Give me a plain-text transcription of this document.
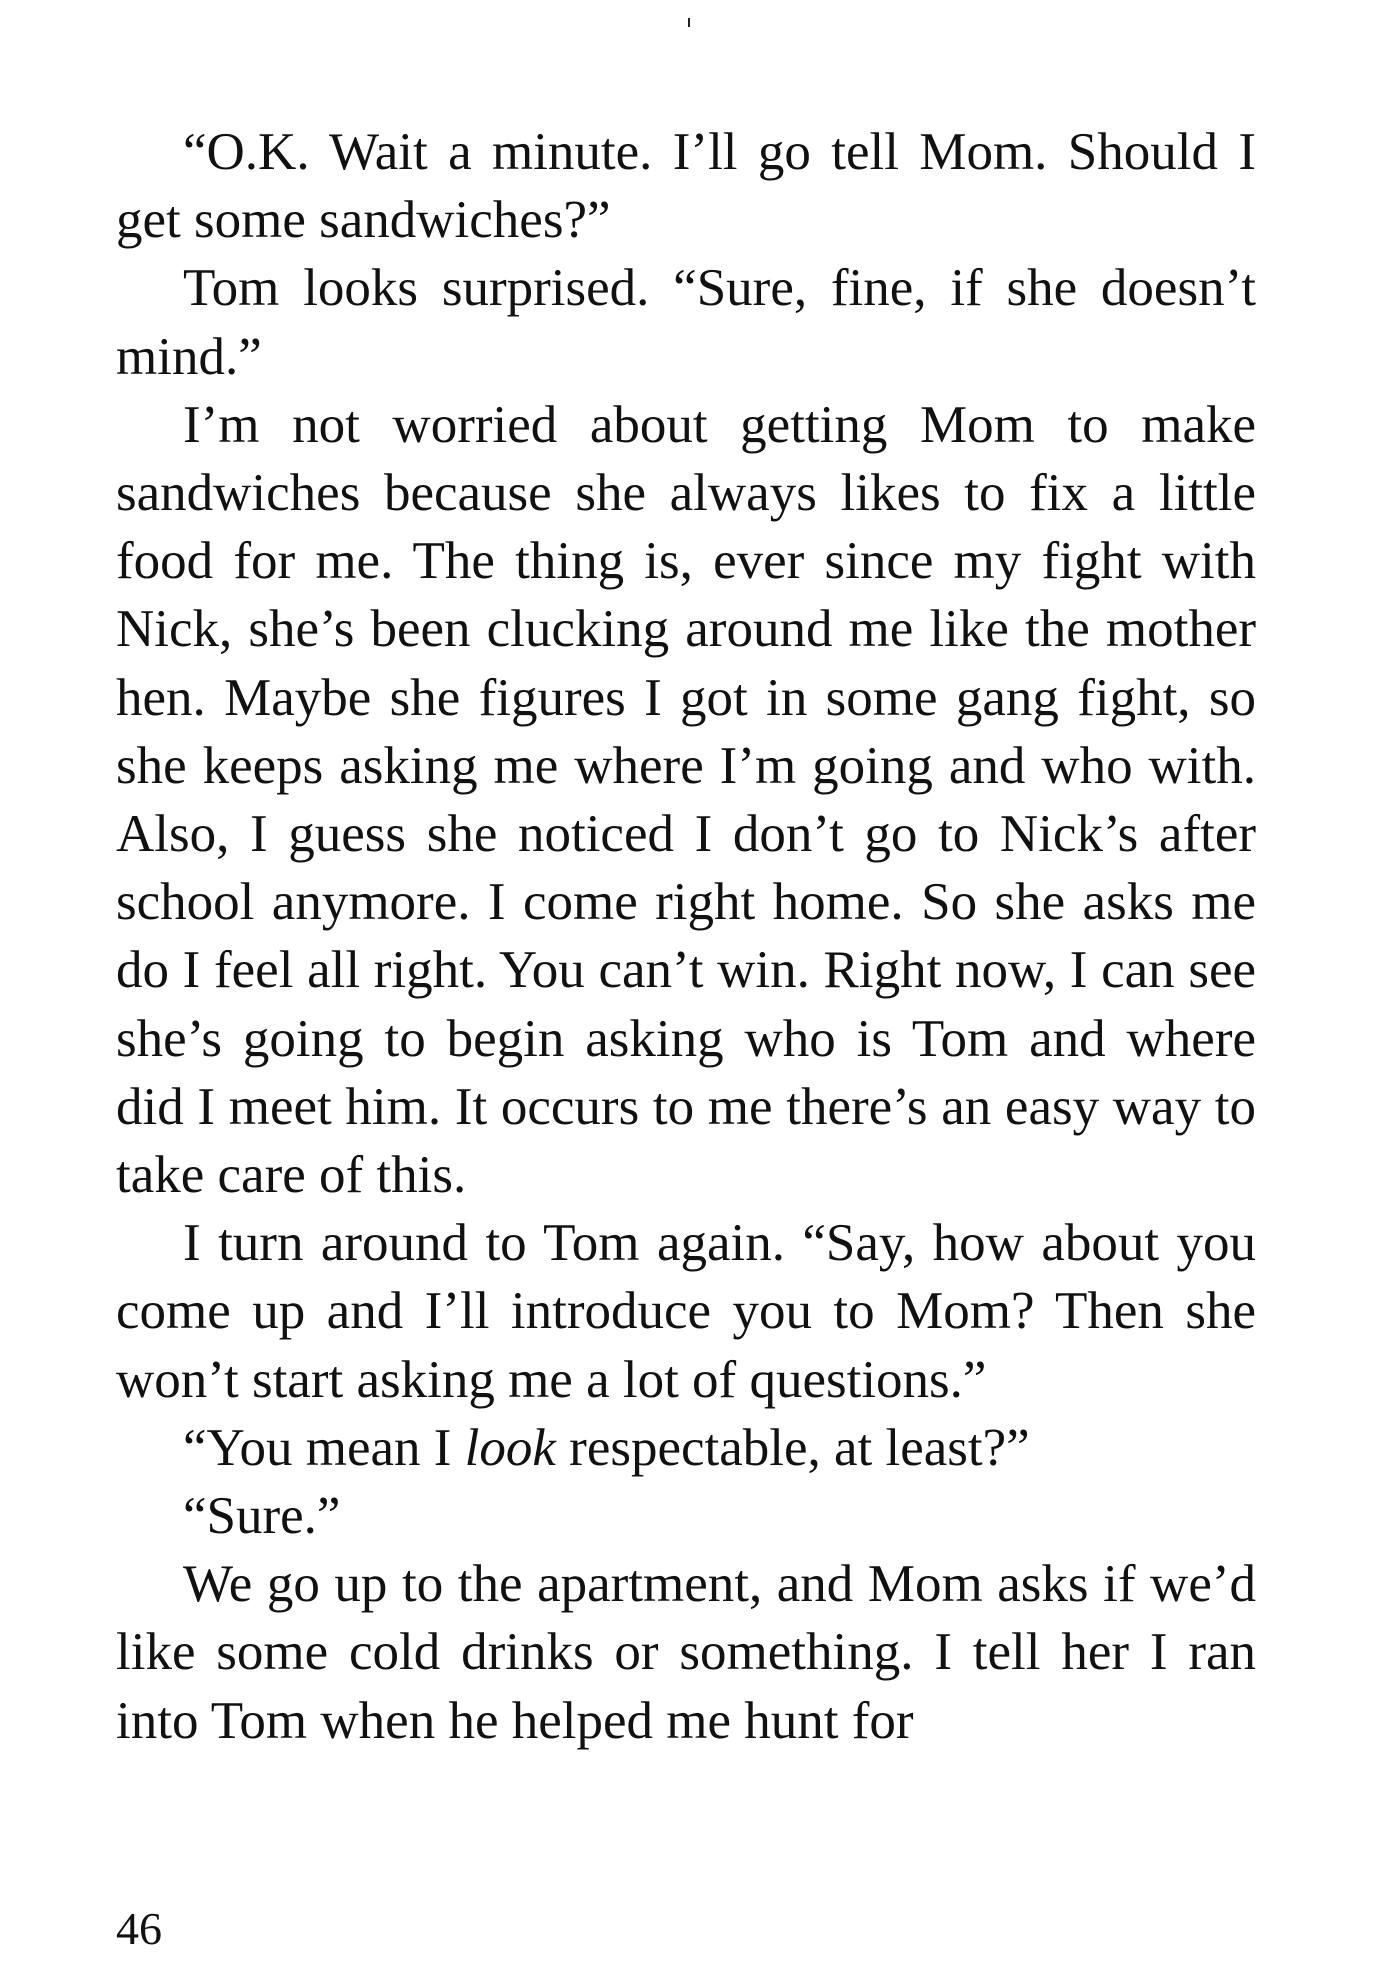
“O.K. Wait a minute. I’ll go tell Mom. Should I get some sandwiches?”

Tom looks surprised. “Sure, fine, if she doesn’t mind.”

I’m not worried about getting Mom to make sandwiches because she always likes to fix a little food for me. The thing is, ever since my fight with Nick, she’s been clucking around me like the mother hen. Maybe she figures I got in some gang fight, so she keeps asking me where I’m going and who with. Also, I guess she noticed I don’t go to Nick’s after school anymore. I come right home. So she asks me do I feel all right. You can’t win. Right now, I can see she’s going to begin asking who is Tom and where did I meet him. It occurs to me there’s an easy way to take care of this.

I turn around to Tom again. “Say, how about you come up and I’ll introduce you to Mom? Then she won’t start asking me a lot of questions.”

“You mean I look respectable, at least?”

“Sure.”

We go up to the apartment, and Mom asks if we’d like some cold drinks or something. I tell her I ran into Tom when he helped me hunt for

46
